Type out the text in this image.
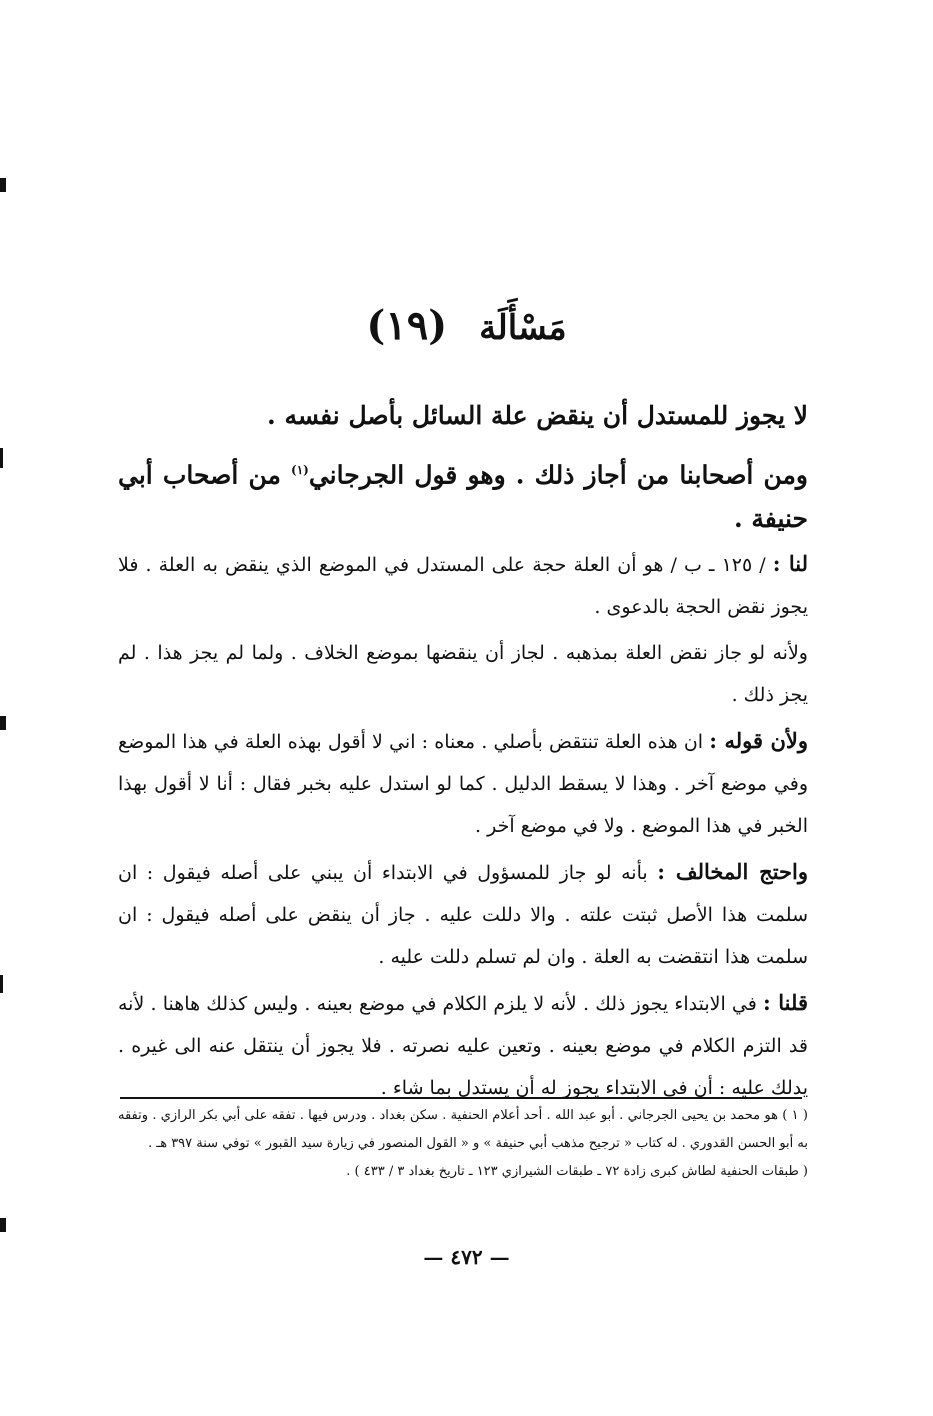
مَسْأَلَة (١٩)
لا يجوز للمستدل أن ينقض علة السائل بأصل نفسه .
ومن أصحابنا من أجاز ذلك . وهو قول الجرجاني$^{(١)}$ من أصحاب أبي حنيفة .
لنا : / ١٢٥ ـ ب / هو أن العلة حجة على المستدل في الموضع الذي ينقض به العلة . فلا يجوز نقض الحجة بالدعوى .
ولأنه لو جاز نقض العلة بمذهبه . لجاز أن ينقضها بموضع الخلاف . ولما لم يجز هذا . لم يجز ذلك .
ولأن قوله : ان هذه العلة تنتقض بأصلي . معناه : اني لا أقول بهذه العلة في هذا الموضع وفي موضع آخر . وهذا لا يسقط الدليل . كما لو استدل عليه بخبر فقال : أنا لا أقول بهذا الخبر في هذا الموضع . ولا في موضع آخر .
واحتج المخالف : بأنه لو جاز للمسؤول في الابتداء أن يبني على أصله فيقول : ان سلمت هذا الأصل ثبتت علته . والا دللت عليه . جاز أن ينقض على أصله فيقول : ان سلمت هذا انتقضت به العلة . وان لم تسلم دللت عليه .
قلنا : في الابتداء يجوز ذلك . لأنه لا يلزم الكلام في موضع بعينه . وليس كذلك هاهنا . لأنه قد التزم الكلام في موضع بعينه . وتعين عليه نصرته . فلا يجوز أن ينتقل عنه الى غيره . يدلك عليه : أن في الابتداء يجوز له أن يستدل بما شاء .

( ١ ) هو محمد بن يحيى الجرجاني . أبو عبد الله . أحد أعلام الحنفية . سكن بغداد . ودرس فيها . تفقه على أبي بكر الرازي . وتفقه به أبو الحسن القدوري . له كتاب « ترجيح مذهب أبي حنيفة » و « القول المنصور في زيارة سيد القبور » توفي سنة ٣٩٧ هـ .

( طبقات الحنفية لطاش كبرى زادة ٧٢ ـ طبقات الشيرازي ١٢٣ ـ تاريخ بغداد ٣ / ٤٣٣ ) .

— ٤٧٢ —
